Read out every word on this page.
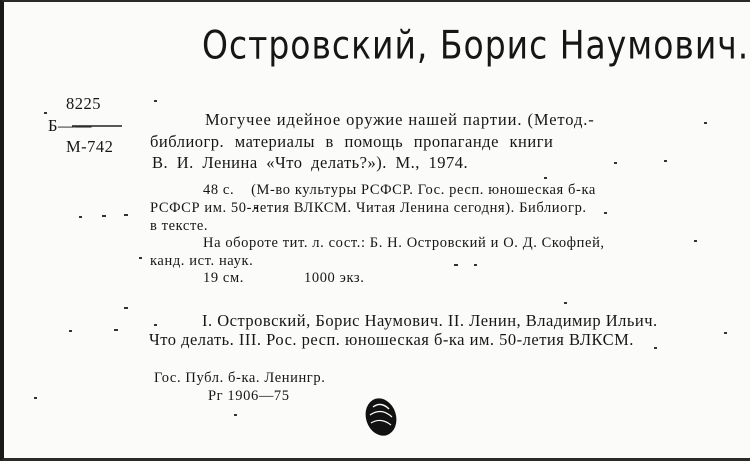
Островский, Борис Наумович.
8225
Б——
М-742
Могучее идейное оружие нашей партии. (Метод.-
библиогр. материалы в помощь пропаганде книги
В. И. Ленина «Что делать?»). М., 1974.
48 с.    (М-во культуры РСФСР. Гос. респ. юношеская б-ка
РСФСР им. 50-летия ВЛКСМ. Читая Ленина сегодня). Библиогр.
в тексте.
На обороте тит. л. сост.: Б. Н. Островский и О. Д. Скофпей,
канд. ист. наук.
19 см.	1000 экз.
I. Островский, Борис Наумович. II. Ленин, Владимир Ильич.
Что делать. III. Рос. респ. юношеская б-ка им. 50-летия ВЛКСМ.
Гос. Публ. б-ка. Ленингр.
Рг 1906—75
